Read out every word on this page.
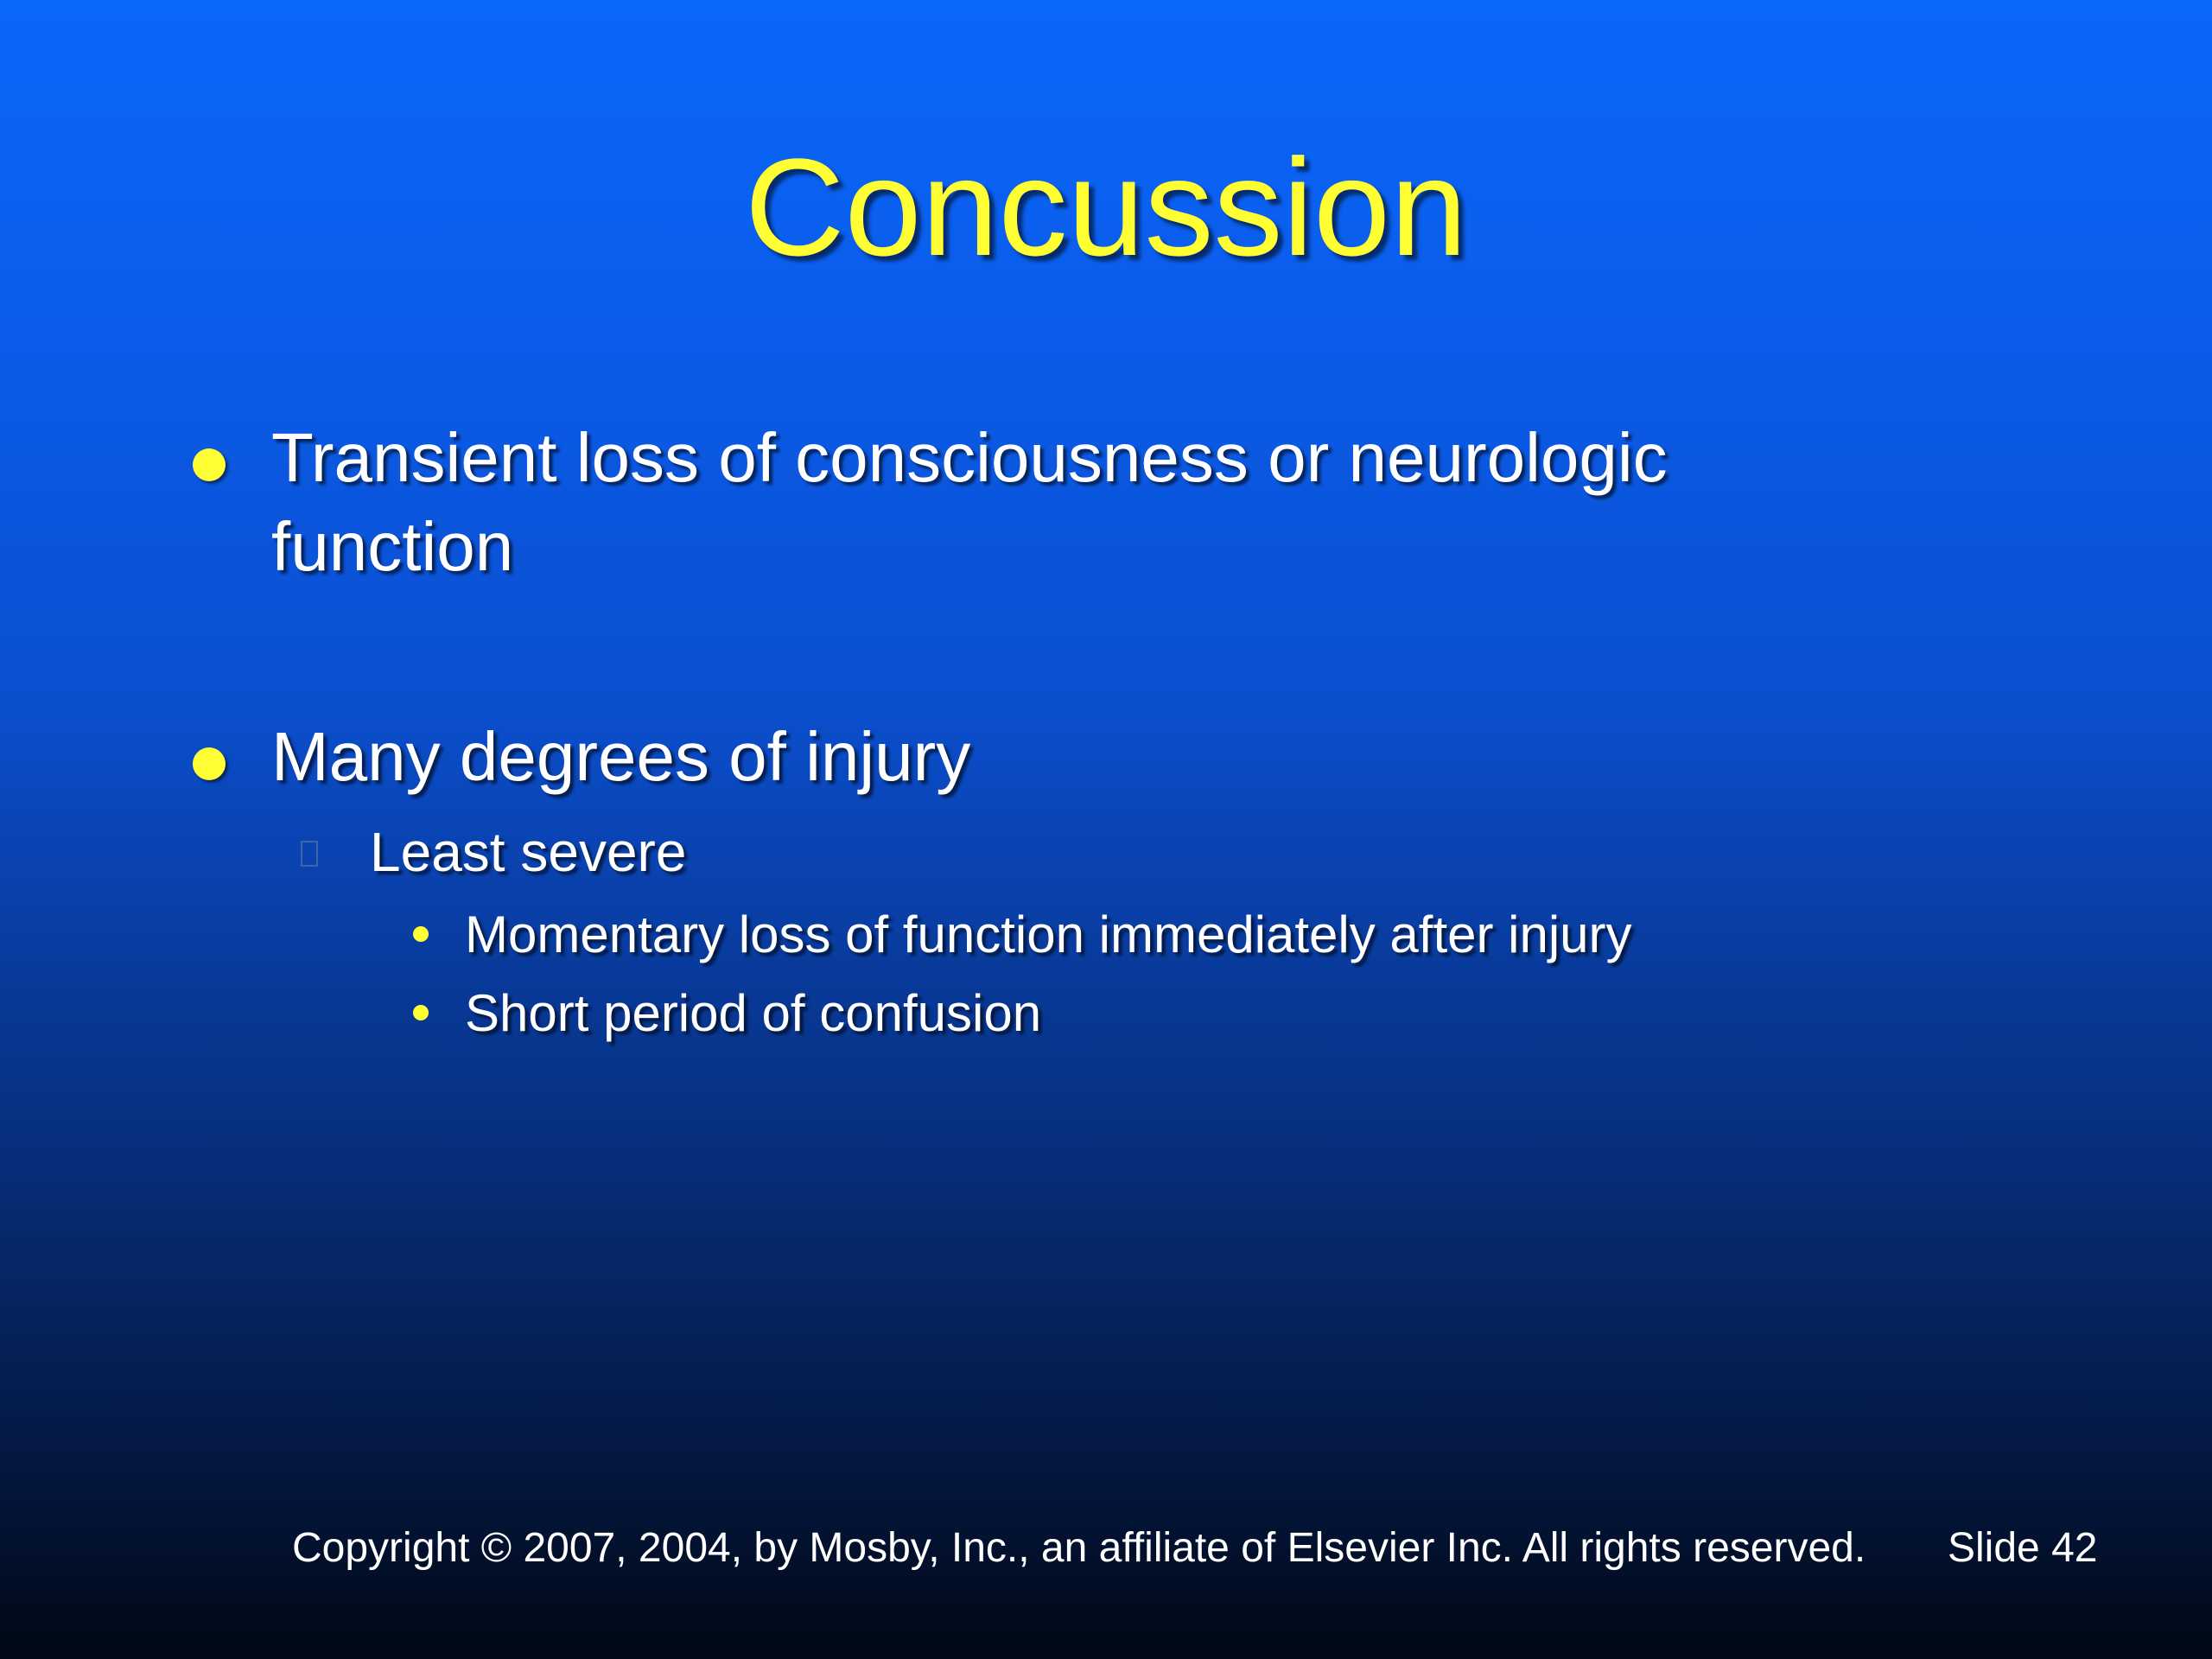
Concussion
Transient loss of consciousness or neurologic function
Many degrees of injury
Least severe
Momentary loss of function immediately after injury
Short period of confusion
Copyright © 2007, 2004, by Mosby, Inc., an affiliate of Elsevier Inc. All rights reserved. Slide 42
